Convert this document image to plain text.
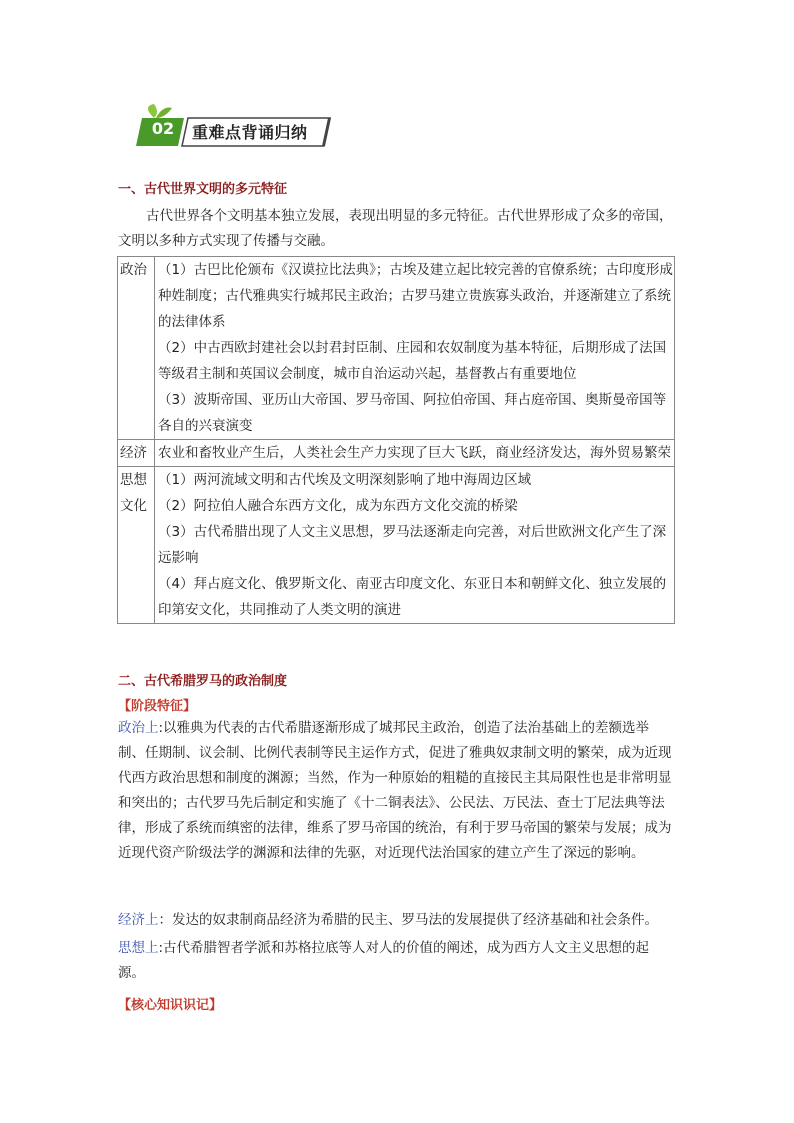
02	重难点背诵归纳
一、古代世界文明的多元特征
古代世界各个文明基本独立发展，表现出明显的多元特征。古代世界形成了众多的帝国，文明以多种方式实现了传播与交融。
政治	（1）古巴比伦颁布《汉谟拉比法典》；古埃及建立起比较完善的官僚系统；古印度形成种姓制度；古代雅典实行城邦民主政治；古罗马建立贵族寡头政治，并逐渐建立了系统的法律体系
（2）中古西欧封建社会以封君封臣制、庄园和农奴制度为基本特征，后期形成了法国等级君主制和英国议会制度，城市自治运动兴起，基督教占有重要地位
（3）波斯帝国、亚历山大帝国、罗马帝国、阿拉伯帝国、拜占庭帝国、奥斯曼帝国等各自的兴衰演变

经济	农业和畜牧业产生后，人类社会生产力实现了巨大飞跃，商业经济发达，海外贸易繁荣

思想文化	（1）两河流域文明和古代埃及文明深刻影响了地中海周边区域
（2）阿拉伯人融合东西方文化，成为东西方文化交流的桥梁
（3）古代希腊出现了人文主义思想，罗马法逐渐走向完善，对后世欧洲文化产生了深远影响
（4）拜占庭文化、俄罗斯文化、南亚古印度文化、东亚日本和朝鲜文化、独立发展的印第安文化，共同推动了人类文明的演进
二、古代希腊罗马的政治制度
【阶段特征】
政治上:以雅典为代表的古代希腊逐渐形成了城邦民主政治，创造了法治基础上的差额选举制、任期制、议会制、比例代表制等民主运作方式，促进了雅典奴隶制文明的繁荣，成为近现代西方政治思想和制度的渊源；当然，作为一种原始的粗糙的直接民主其局限性也是非常明显和突出的；古代罗马先后制定和实施了《十二铜表法》、公民法、万民法、查士丁尼法典等法律，形成了系统而缜密的法律，维系了罗马帝国的统治，有利于罗马帝国的繁荣与发展；成为近现代资产阶级法学的渊源和法律的先驱，对近现代法治国家的建立产生了深远的影响。
经济上：发达的奴隶制商品经济为希腊的民主、罗马法的发展提供了经济基础和社会条件。
思想上:古代希腊智者学派和苏格拉底等人对人的价值的阐述，成为西方人文主义思想的起源。
【核心知识识记】
